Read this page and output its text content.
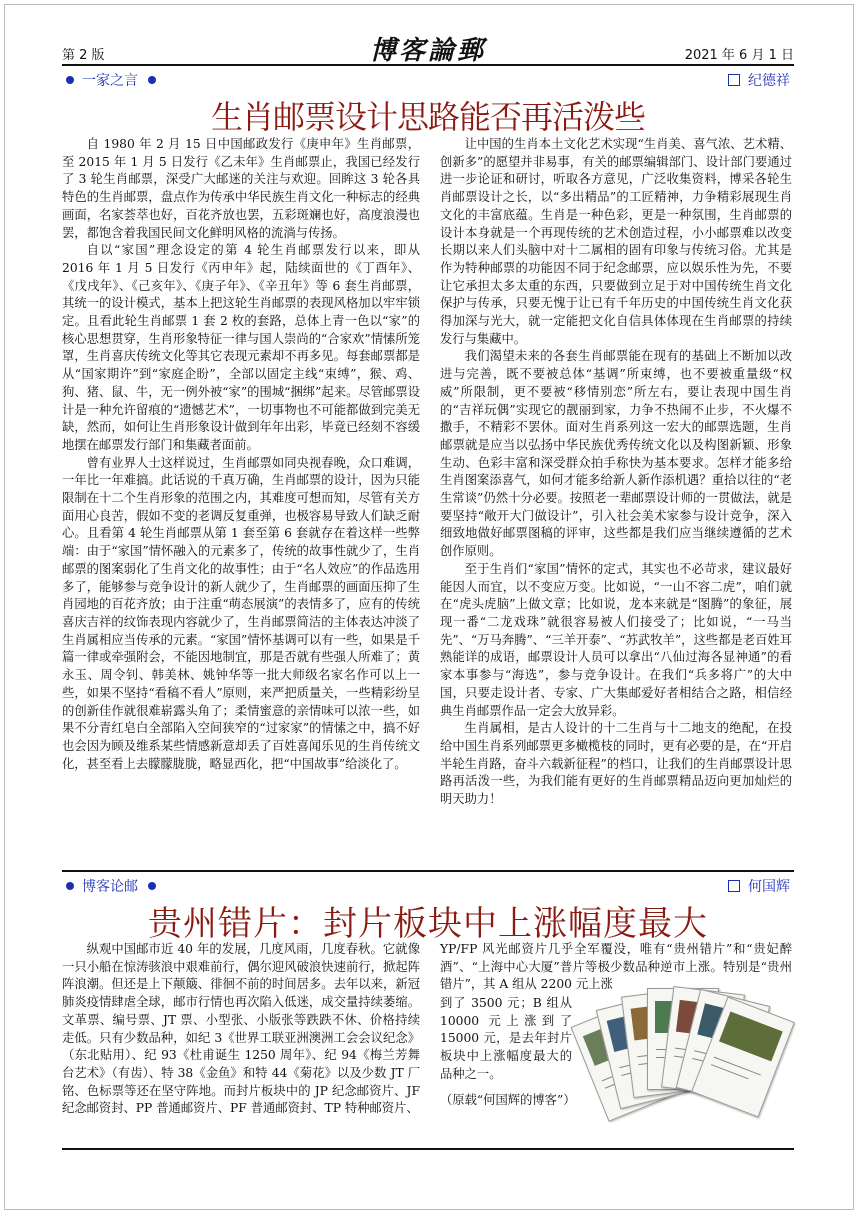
第 2 版	博客論郵	2021 年 6 月 1 日
一家之言	纪德祥
生肖邮票设计思路能否再活泼些

自 1980 年 2 月 15 日中国邮政发行《庚申年》生肖邮票，至 2015 年 1 月 5 日发行《乙未年》生肖邮票止，我国已经发行了 3 轮生肖邮票，深受广大邮迷的关注与欢迎。回眸这 3 轮各具特色的生肖邮票，盘点作为传承中华民族生肖文化一种标志的经典画面，名家荟萃也好，百花齐放也罢，五彩斑斓也好，高度浪漫也罢，都饱含着我国民间文化鲜明风格的流淌与传扬。

自以“家国”理念设定的第 4 轮生肖邮票发行以来，即从 2016 年 1 月 5 日发行《丙申年》起，陆续面世的《丁酉年》、《戊戌年》、《己亥年》、《庚子年》、《辛丑年》等 6 套生肖邮票，其统一的设计模式，基本上把这轮生肖邮票的表现风格加以牢牢锁定。且看此轮生肖邮票 1 套 2 枚的套路，总体上青一色以“家”的核心思想贯穿，生肖形象特征一律与国人崇尚的“合家欢”情愫所笼罩，生肖喜庆传统文化等其它表现元素却不再多见。每套邮票都是从“国家期许”到“家庭企盼”，全部以固定主线“束缚”，猴、鸡、狗、猪、鼠、牛，无一例外被“家”的围城“捆绑”起来。尽管邮票设计是一种允许留痕的“遗憾艺术”，一切事物也不可能都做到完美无缺，然而，如何让生肖形象设计做到年年出彩，毕竟已经刻不容缓地摆在邮票发行部门和集藏者面前。

曾有业界人士这样说过，生肖邮票如同央视春晚，众口难调，一年比一年难搞。此话说的千真万确，生肖邮票的设计，因为只能限制在十二个生肖形象的范围之内，其难度可想而知，尽管有关方面用心良苦，假如不变的老调反复重弹，也极容易导致人们缺乏耐心。且看第 4 轮生肖邮票从第 1 套至第 6 套就存在着这样一些弊端：由于“家国”情怀融入的元素多了，传统的故事性就少了，生肖邮票的图案弱化了生肖文化的故事性；由于“名人效应”的作品选用多了，能够参与竞争设计的新人就少了，生肖邮票的画面压抑了生肖园地的百花齐放；由于注重“萌态展演”的表情多了，应有的传统喜庆吉祥的纹饰表现内容就少了，生肖邮票简洁的主体表达冲淡了生肖属相应当传承的元素。“家国”情怀基调可以有一些，如果是千篇一律或牵强附会，不能因地制宜，那是否就有些强人所难了；黄永玉、周令钊、韩美林、姚钟华等一批大师级名家名作可以上一些，如果不坚持“看稿不看人”原则，来严把质量关，一些精彩纷呈的创新佳作就很难崭露头角了；柔情蜜意的亲情味可以浓一些，如果不分青红皂白全部陷入空间狭窄的“过家家”的情愫之中，搞不好也会因为顾及维系某些情感新意却丢了百姓喜闻乐见的生肖传统文化，甚至看上去朦朦胧胧，略显西化，把“中国故事”给淡化了。

让中国的生肖本土文化艺术实现“生肖美、喜气浓、艺术精、创新多”的愿望并非易事，有关的邮票编辑部门、设计部门要通过进一步论证和研讨，听取各方意见，广泛收集资料，博采各轮生肖邮票设计之长，以“多出精品”的工匠精神，力争精彩展现生肖文化的丰富底蕴。生肖是一种色彩，更是一种氛围，生肖邮票的设计本身就是一个再现传统的艺术创造过程，小小邮票难以改变长期以来人们头脑中对十二属相的固有印象与传统习俗。尤其是作为特种邮票的功能因不同于纪念邮票，应以娱乐性为先，不要让它承担太多太重的东西，只要做到立足于对中国传统生肖文化保护与传承，只要无愧于让已有千年历史的中国传统生肖文化获得加深与光大，就一定能把文化自信具体体现在生肖邮票的持续发行与集藏中。

我们渴望未来的各套生肖邮票能在现有的基础上不断加以改进与完善，既不要被总体“基调”所束缚，也不要被重量级“权威”所限制，更不要被“移情别恋”所左右，要让表现中国生肖的“吉祥玩偶”实现它的靓丽到家，力争不热闹不止步，不火爆不撒手，不精彩不罢休。面对生肖系列这一宏大的邮票选题，生肖邮票就是应当以弘扬中华民族优秀传统文化以及构图新颖、形象生动、色彩丰富和深受群众拍手称快为基本要求。怎样才能多给生肖图案添喜气，如何才能多给新人新作添机遇？重拾以往的“老生常谈”仍然十分必要。按照老一辈邮票设计师的一贯做法，就是要坚持“敞开大门做设计”，引入社会美术家参与设计竞争，深入细致地做好邮票图稿的评审，这些都是我们应当继续遵循的艺术创作原则。

至于生肖们“家国”情怀的定式，其实也不必苛求，建议最好能因人而宜，以不变应万变。比如说，“一山不容二虎”，咱们就在“虎头虎脑”上做文章；比如说，龙本来就是“图腾”的象征，展现一番“二龙戏珠”就很容易被人们接受了；比如说，“一马当先”、“万马奔腾”、“三羊开泰”、“苏武牧羊”，这些都是老百姓耳熟能详的成语，邮票设计人员可以拿出“八仙过海各显神通”的看家本事参与“海选”，参与竞争设计。在我们“兵多将广”的大中国，只要走设计者、专家、广大集邮爱好者相结合之路，相信经典生肖邮票作品一定会大放异彩。

生肖属相，是古人设计的十二生肖与十二地支的绝配，在投给中国生肖系列邮票更多橄榄枝的同时，更有必要的是，在“开启半轮生肖路，奋斗六载新征程”的档口，让我们的生肖邮票设计思路再活泼一些，为我们能有更好的生肖邮票精品迈向更加灿烂的明天助力！

博客论邮	何国辉
贵州错片：封片板块中上涨幅度最大

纵观中国邮市近 40 年的发展，几度风雨，几度春秋。它就像一只小船在惊涛骇浪中艰难前行，偶尔迎风破浪快速前行，掀起阵阵浪潮。但还是上下颠簸、徘徊不前的时间居多。去年以来，新冠肺炎疫情肆虐全球，邮市行情也再次陷入低迷，成交量持续萎缩。文革票、编号票、JT 票、小型张、小版张等跌跌不休、价格持续走低。只有少数品种，如纪 3《世界工联亚洲澳洲工会会议纪念》（东北贴用）、纪 93《杜甫诞生 1250 周年》、纪 94《梅兰芳舞台艺术》（有齿）、特 38《金鱼》和特 44《菊花》以及少数 JT 厂铭、色标票等还在坚守阵地。而封片板块中的 JP 纪念邮资片、JF 纪念邮资封、PP 普通邮资片、PF 普通邮资封、TP 特种邮资片、

YP/FP 风光邮资片几乎全军覆没，唯有“贵州错片”和“贵妃醉酒”、“上海中心大厦”普片等极少数品种逆市上涨。特别是“贵州错片”，其 A 组从 2200 元上涨

到了 3500 元；B 组从 10000 元上涨到了 15000 元，是去年封片板块中上涨幅度最大的品种之一。

（原载“何国辉的博客”）
